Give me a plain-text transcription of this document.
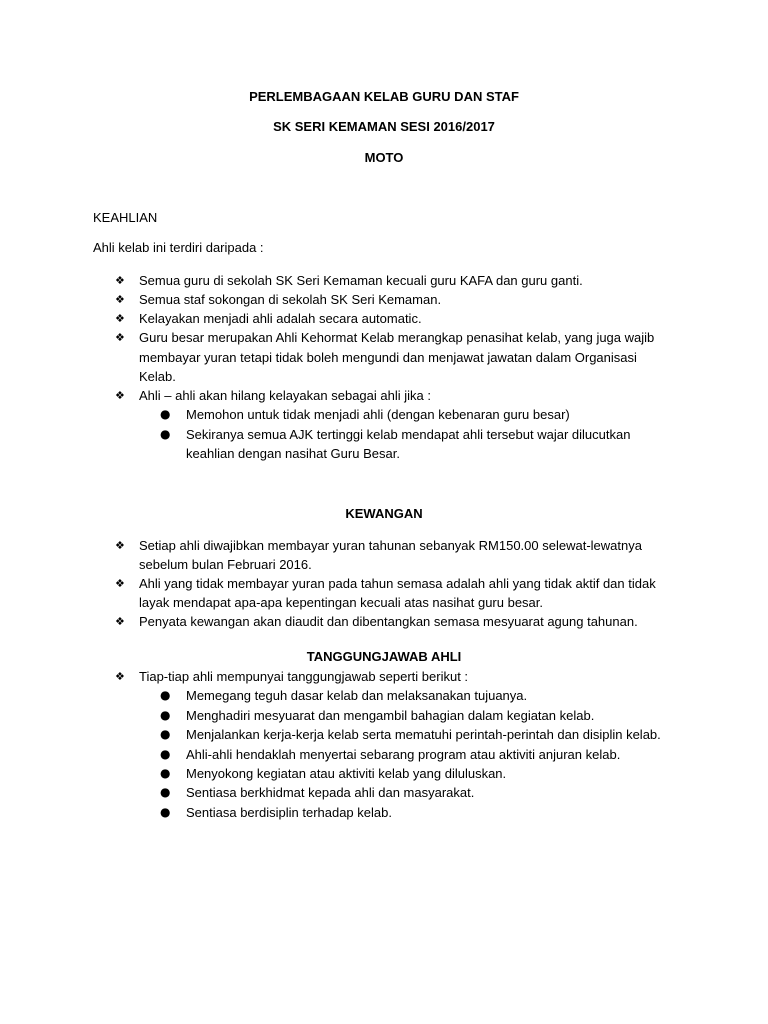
PERLEMBAGAAN KELAB GURU DAN STAF
SK SERI KEMAMAN SESI 2016/2017
MOTO
KEAHLIAN
Ahli kelab ini terdiri daripada :
❖ Semua guru di sekolah SK Seri Kemaman kecuali guru KAFA dan guru ganti.
❖ Semua staf sokongan di sekolah SK Seri Kemaman.
❖ Kelayakan menjadi ahli adalah secara automatic.
❖ Guru besar merupakan Ahli Kehormat Kelab merangkap penasihat kelab, yang juga wajib
membayar yuran tetapi tidak boleh mengundi dan menjawat jawatan dalam Organisasi
Kelab.
❖ Ahli – ahli akan hilang kelayakan sebagai ahli jika :
● Memohon untuk tidak menjadi ahli (dengan kebenaran guru besar)
● Sekiranya semua AJK tertinggi kelab mendapat ahli tersebut wajar dilucutkan
keahlian dengan nasihat Guru Besar.
KEWANGAN
❖ Setiap ahli diwajibkan membayar yuran tahunan sebanyak RM150.00 selewat-lewatnya
sebelum bulan Februari 2016.
❖ Ahli yang tidak membayar yuran pada tahun semasa adalah ahli yang tidak aktif dan tidak
layak mendapat apa-apa kepentingan kecuali atas nasihat guru besar.
❖ Penyata kewangan akan diaudit dan dibentangkan semasa mesyuarat agung tahunan.
TANGGUNGJAWAB AHLI
❖ Tiap-tiap ahli mempunyai tanggungjawab seperti berikut :
● Memegang teguh dasar kelab dan melaksanakan tujuanya.
● Menghadiri mesyuarat dan mengambil bahagian dalam kegiatan kelab.
● Menjalankan kerja-kerja kelab serta mematuhi perintah-perintah dan disiplin kelab.
● Ahli-ahli hendaklah menyertai sebarang program atau aktiviti anjuran kelab.
● Menyokong kegiatan atau aktiviti kelab yang diluluskan.
● Sentiasa berkhidmat kepada ahli dan masyarakat.
● Sentiasa berdisiplin terhadap kelab.
